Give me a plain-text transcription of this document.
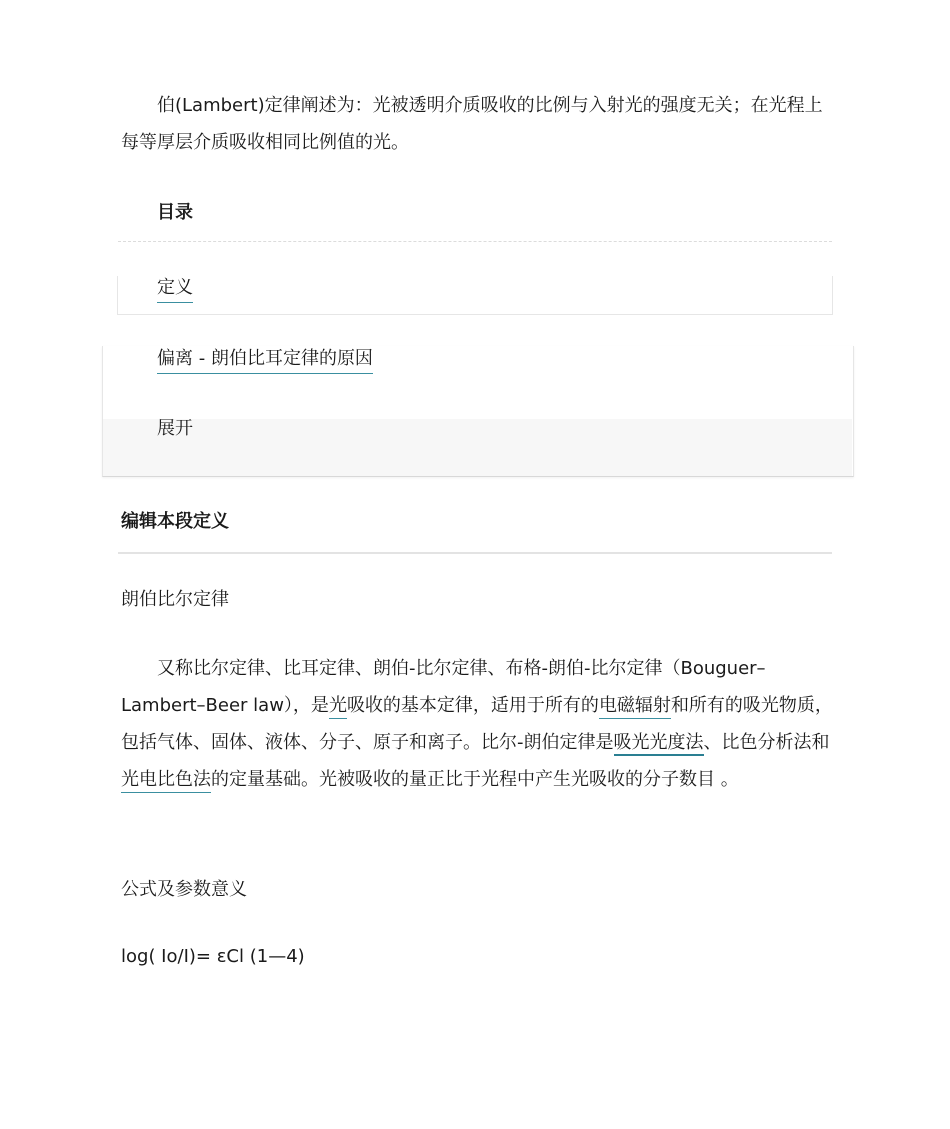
伯(Lambert)定律阐述为：光被透明介质吸收的比例与入射光的强度无关；在光程上每等厚层介质吸收相同比例值的光。

目录
定义
偏离 - 朗伯比耳定律的原因
展开
编辑本段定义
朗伯比尔定律

又称比尔定律、比耳定律、朗伯-比尔定律、布格-朗伯-比尔定律（Bouguer–Lambert–Beer law），是光吸收的基本定律，适用于所有的电磁辐射和所有的吸光物质，包括气体、固体、液体、分子、原子和离子。比尔-朗伯定律是吸光光度法、比色分析法和光电比色法的定量基础。光被吸收的量正比于光程中产生光吸收的分子数目 。

公式及参数意义
log( Io/I)= εCl (1—4)
